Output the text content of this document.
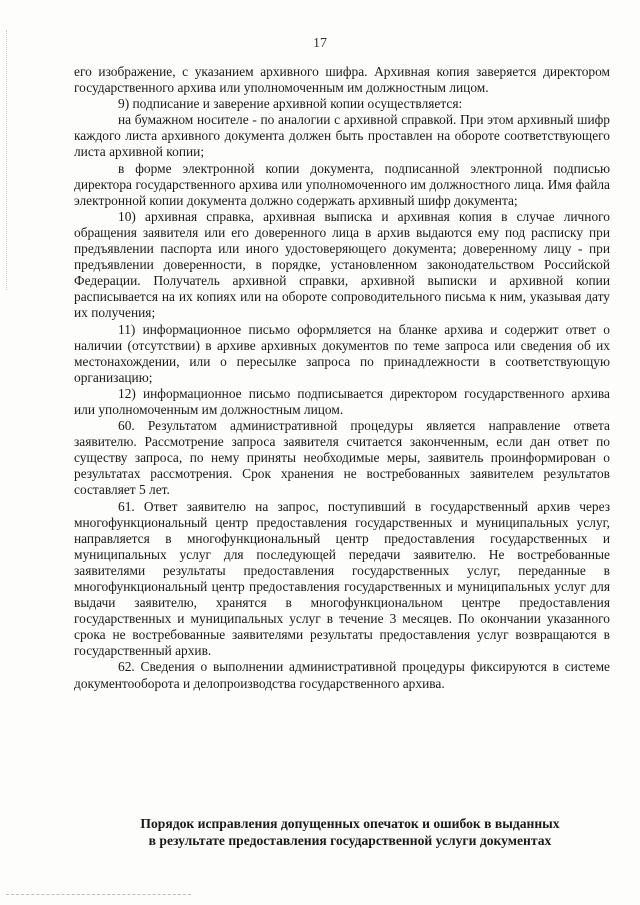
17

его изображение, с указанием архивного шифра. Архивная копия заверяется директором государственного архива или уполномоченным им должностным лицом.

9) подписание и заверение архивной копии осуществляется:

на бумажном носителе - по аналогии с архивной справкой. При этом архивный шифр каждого листа архивного документа должен быть проставлен на обороте соответствующего листа архивной копии;

в форме электронной копии документа, подписанной электронной подписью директора государственного архива или уполномоченного им должностного лица. Имя файла электронной копии документа должно содержать архивный шифр документа;

10) архивная справка, архивная выписка и архивная копия в случае личного обращения заявителя или его доверенного лица в архив выдаются ему под расписку при предъявлении паспорта или иного удостоверяющего документа; доверенному лицу - при предъявлении доверенности, в порядке, установленном законодательством Российской Федерации. Получатель архивной справки, архивной выписки и архивной копии расписывается на их копиях или на обороте сопроводительного письма к ним, указывая дату их получения;

11) информационное письмо оформляется на бланке архива и содержит ответ о наличии (отсутствии) в архиве архивных документов по теме запроса или сведения об их местонахождении, или о пересылке запроса по принадлежности в соответствующую организацию;

12) информационное письмо подписывается директором государственного архива или уполномоченным им должностным лицом.

60. Результатом административной процедуры является направление ответа заявителю. Рассмотрение запроса заявителя считается законченным, если дан ответ по существу запроса, по нему приняты необходимые меры, заявитель проинформирован о результатах рассмотрения. Срок хранения не востребованных заявителем результатов составляет 5 лет.

61. Ответ заявителю на запрос, поступивший в государственный архив через многофункциональный центр предоставления государственных и муниципальных услуг, направляется в многофункциональный центр предоставления государственных и муниципальных услуг для последующей передачи заявителю. Не востребованные заявителями результаты предоставления государственных услуг, переданные в многофункциональный центр предоставления государственных и муниципальных услуг для выдачи заявителю, хранятся в многофункциональном центре предоставления государственных и муниципальных услуг в течение 3 месяцев. По окончании указанного срока не востребованные заявителями результаты предоставления услуг возвращаются в государственный архив.

62. Сведения о выполнении административной процедуры фиксируются в системе документооборота и делопроизводства государственного архива.

Порядок исправления допущенных опечаток и ошибок в выданных
в результате предоставления государственной услуги документах
